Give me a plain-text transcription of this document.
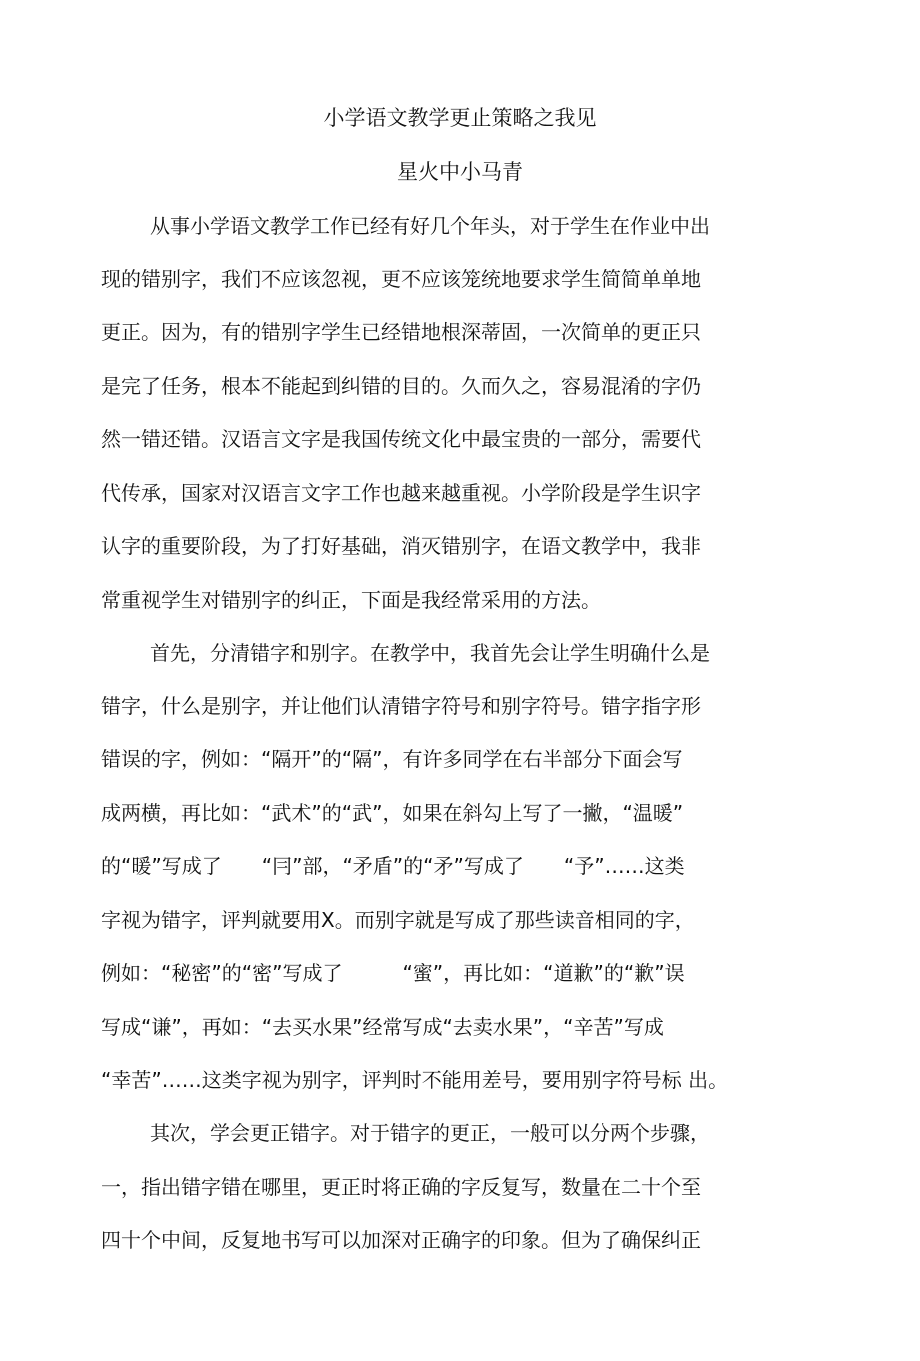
小学语文教学更止策略之我见
星火中小马青
从事小学语文教学工作已经有好几个年头，对于学生在作业中出
现的错别字，我们不应该忽视，更不应该笼统地要求学生简简单单地
更正。因为，有的错别字学生已经错地根深蒂固，一次简单的更正只
是完了任务，根本不能起到纠错的目的。久而久之，容易混淆的字仍
然一错还错。汉语言文字是我国传统文化中最宝贵的一部分，需要代
代传承，国家对汉语言文字工作也越来越重视。小学阶段是学生识字
认字的重要阶段，为了打好基础，消灭错别字，在语文教学中，我非
常重视学生对错别字的纠正，下面是我经常采用的方法。
首先，分清错字和别字。在教学中，我首先会让学生明确什么是
错字，什么是别字，并让他们认清错字符号和别字符号。错字指字形
错误的字，例如：“隔开”的“隔”，有许多同学在右半部分下面会写
成两横，再比如：“武术”的“武”，如果在斜勾上写了一撇，“温暖”
的“暖”写成了　　“冃”部，“矛盾”的“矛”写成了　　“予”……这类
字视为错字，评判就要用X。而别字就是写成了那些读音相同的字，
例如：“秘密”的“密”写成了　　　“蜜”，再比如：“道歉”的“歉”误
写成“谦”，再如：“去买水果”经常写成“去卖水果”，“辛苦”写成
“幸苦”……这类字视为别字，评判时不能用差号，要用别字符号标 出。
其次，学会更正错字。对于错字的更正，一般可以分两个步骤，
一，指出错字错在哪里，更正时将正确的字反复写，数量在二十个至
四十个中间，反复地书写可以加深对正确字的印象。但为了确保纠正
